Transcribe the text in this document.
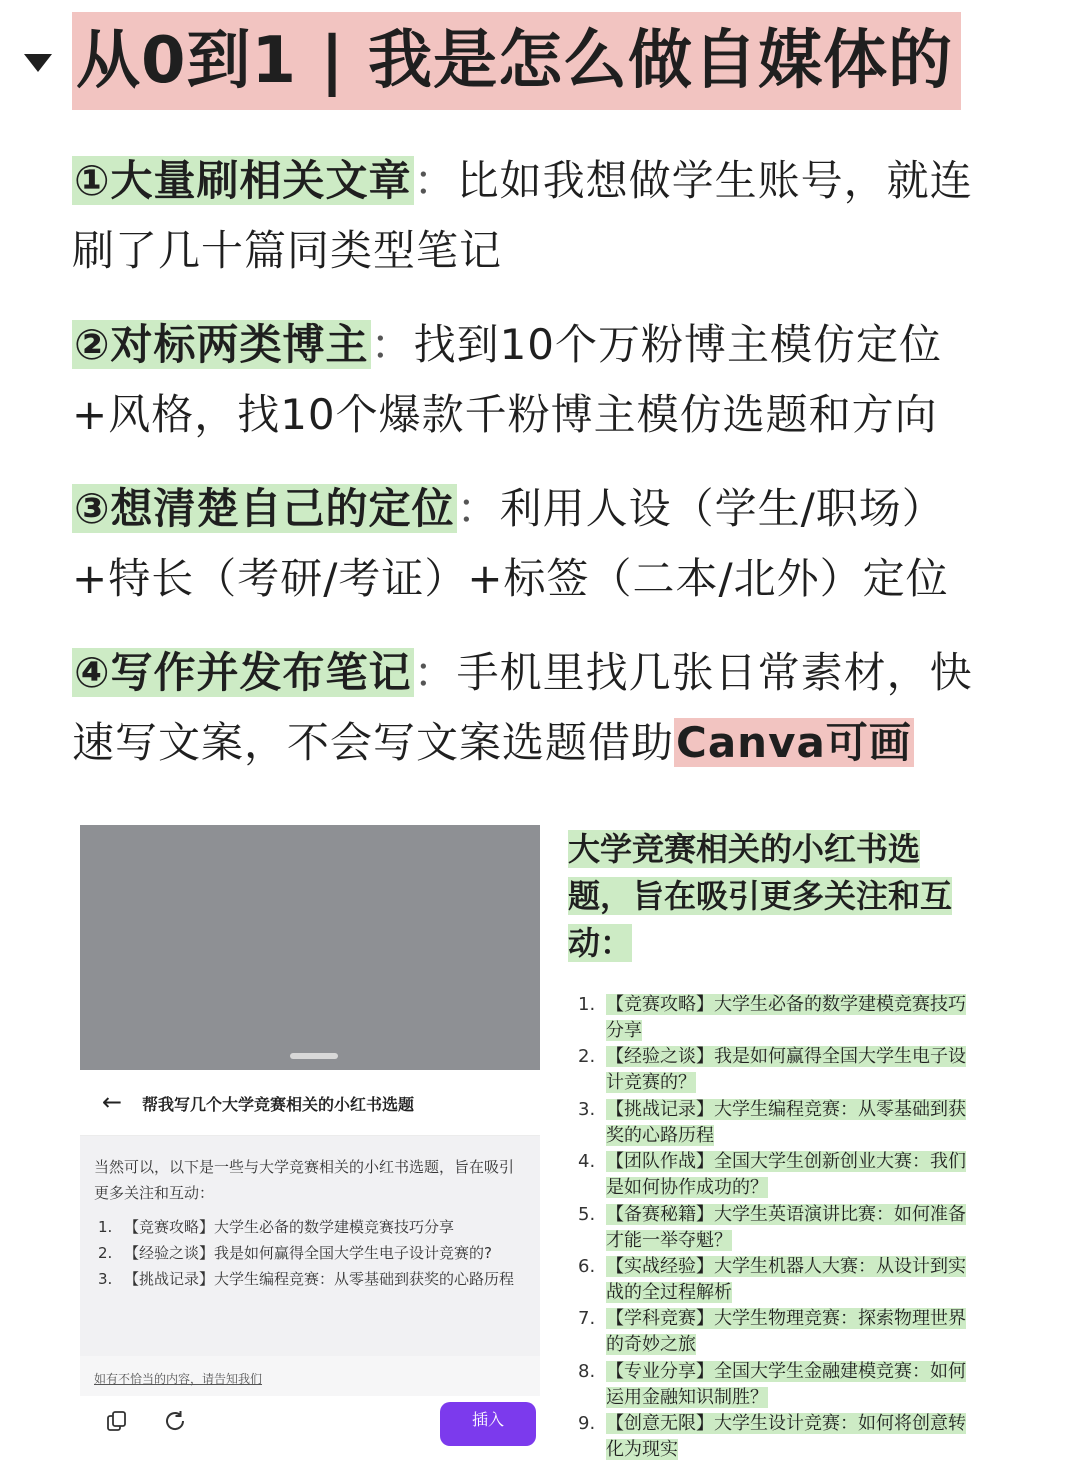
从0到1 | 我是怎么做自媒体的

①大量刷相关文章：比如我想做学生账号，就连刷了几十篇同类型笔记

②对标两类博主：找到10个万粉博主模仿定位+风格，找10个爆款千粉博主模仿选题和方向

③想清楚自己的定位：利用人设（学生/职场）+特长（考研/考证）+标签（二本/北外）定位

④写作并发布笔记：手机里找几张日常素材，快速写文案，不会写文案选题借助Canva可画

← 帮我写几个大学竞赛相关的小红书选题

当然可以，以下是一些与大学竞赛相关的小红书选题，旨在吸引更多关注和互动：

1. 【竞赛攻略】大学生必备的数学建模竞赛技巧分享
2. 【经验之谈】我是如何赢得全国大学生电子设计竞赛的?
3. 【挑战记录】大学生编程竞赛：从零基础到获奖的心路历程
如有不恰当的内容，请告知我们
插入
大学竞赛相关的小红书选题，旨在吸引更多关注和互动：
1. 【竞赛攻略】大学生必备的数学建模竞赛技巧分享
2. 【经验之谈】我是如何赢得全国大学生电子设计竞赛的？
3. 【挑战记录】大学生编程竞赛：从零基础到获奖的心路历程
4. 【团队作战】全国大学生创新创业大赛：我们是如何协作成功的？
5. 【备赛秘籍】大学生英语演讲比赛：如何准备才能一举夺魁？
6. 【实战经验】大学生机器人大赛：从设计到实战的全过程解析
7. 【学科竞赛】大学生物理竞赛：探索物理世界的奇妙之旅
8. 【专业分享】全国大学生金融建模竞赛：如何运用金融知识制胜？
9. 【创意无限】大学生设计竞赛：如何将创意转化为现实
